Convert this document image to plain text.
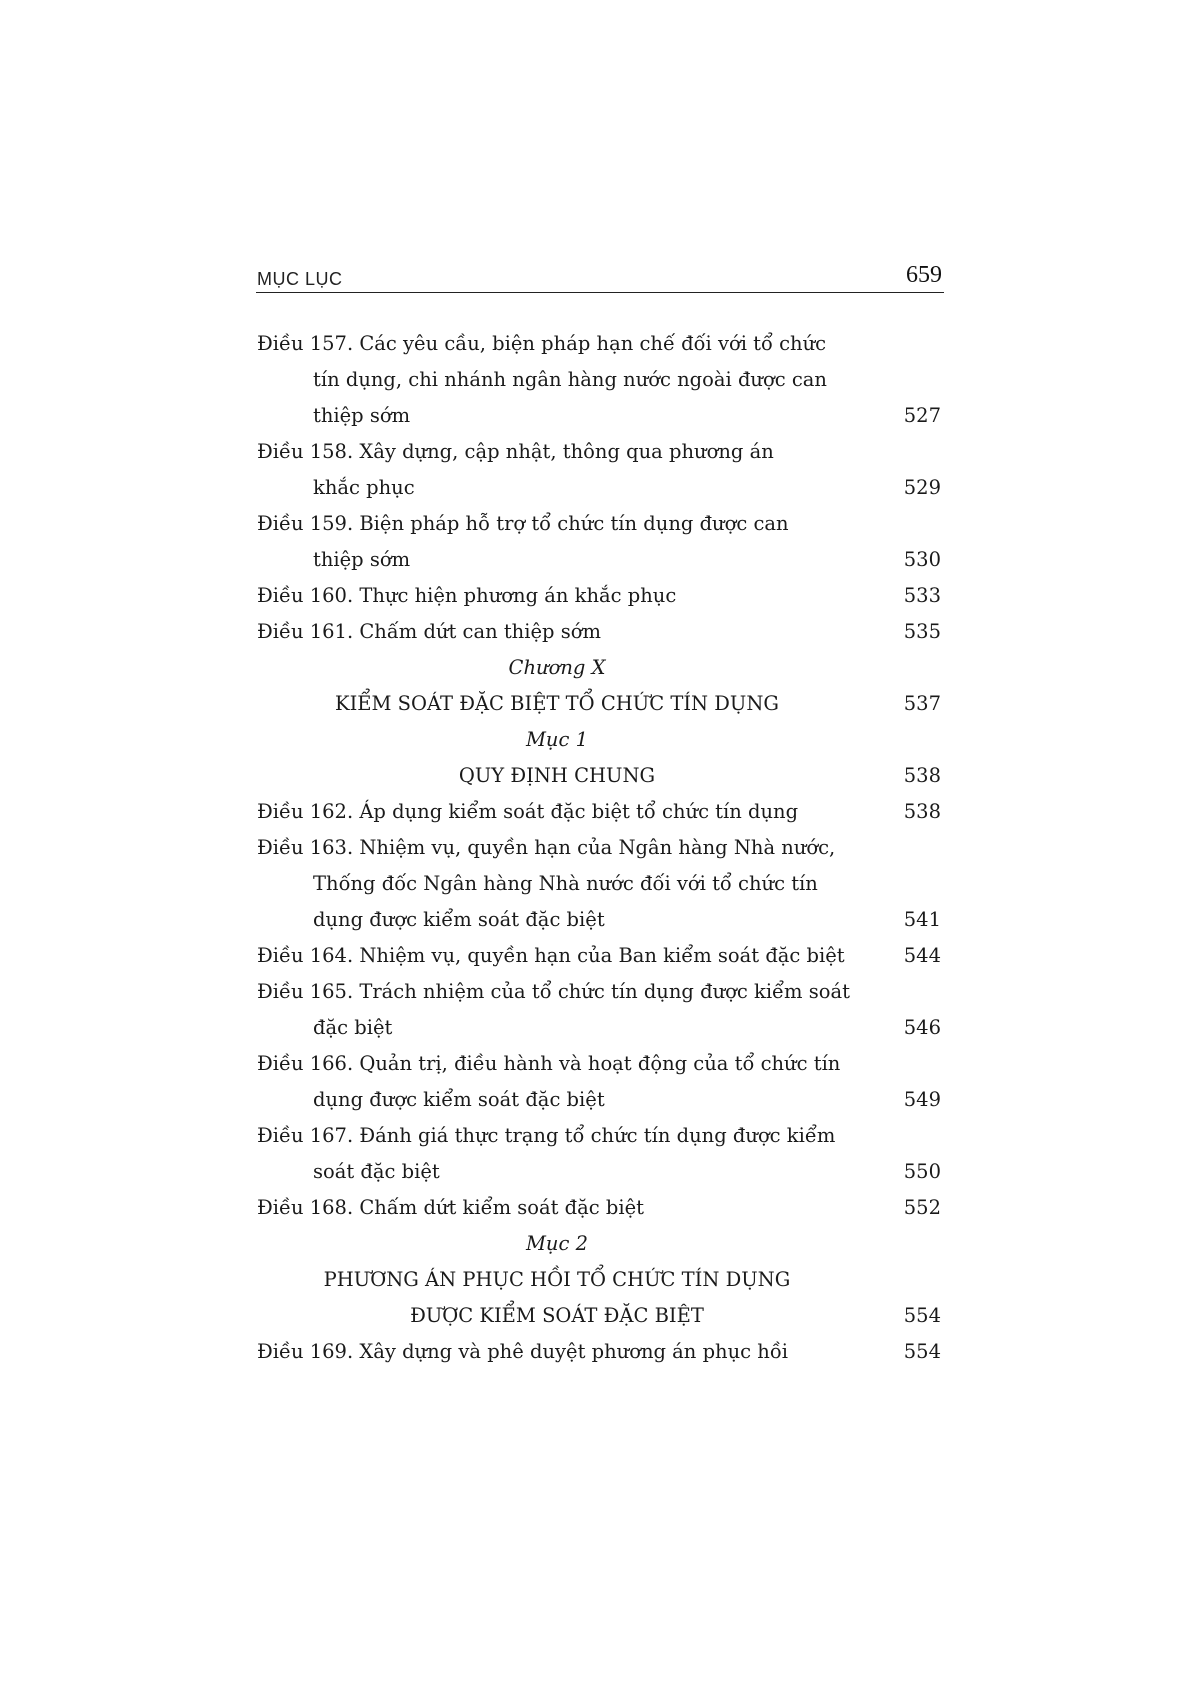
MỤC LỤC	659
Điều 157. Các yêu cầu, biện pháp hạn chế đối với tổ chức
tín dụng, chi nhánh ngân hàng nước ngoài được can
thiệp sớm	527
Điều 158. Xây dựng, cập nhật, thông qua phương án
khắc phục	529
Điều 159. Biện pháp hỗ trợ tổ chức tín dụng được can
thiệp sớm	530
Điều 160. Thực hiện phương án khắc phục	533
Điều 161. Chấm dứt can thiệp sớm	535
Chương X
KIỂM SOÁT ĐẶC BIỆT TỔ CHỨC TÍN DỤNG	537
Mục 1
QUY ĐỊNH CHUNG	538
Điều 162. Áp dụng kiểm soát đặc biệt tổ chức tín dụng	538
Điều 163. Nhiệm vụ, quyền hạn của Ngân hàng Nhà nước,
Thống đốc Ngân hàng Nhà nước đối với tổ chức tín
dụng được kiểm soát đặc biệt	541
Điều 164. Nhiệm vụ, quyền hạn của Ban kiểm soát đặc biệt	544
Điều 165. Trách nhiệm của tổ chức tín dụng được kiểm soát
đặc biệt	546
Điều 166. Quản trị, điều hành và hoạt động của tổ chức tín
dụng được kiểm soát đặc biệt	549
Điều 167. Đánh giá thực trạng tổ chức tín dụng được kiểm
soát đặc biệt	550
Điều 168. Chấm dứt kiểm soát đặc biệt	552
Mục 2
PHƯƠNG ÁN PHỤC HỒI TỔ CHỨC TÍN DỤNG
ĐƯỢC KIỂM SOÁT ĐẶC BIỆT	554
Điều 169. Xây dựng và phê duyệt phương án phục hồi	554
